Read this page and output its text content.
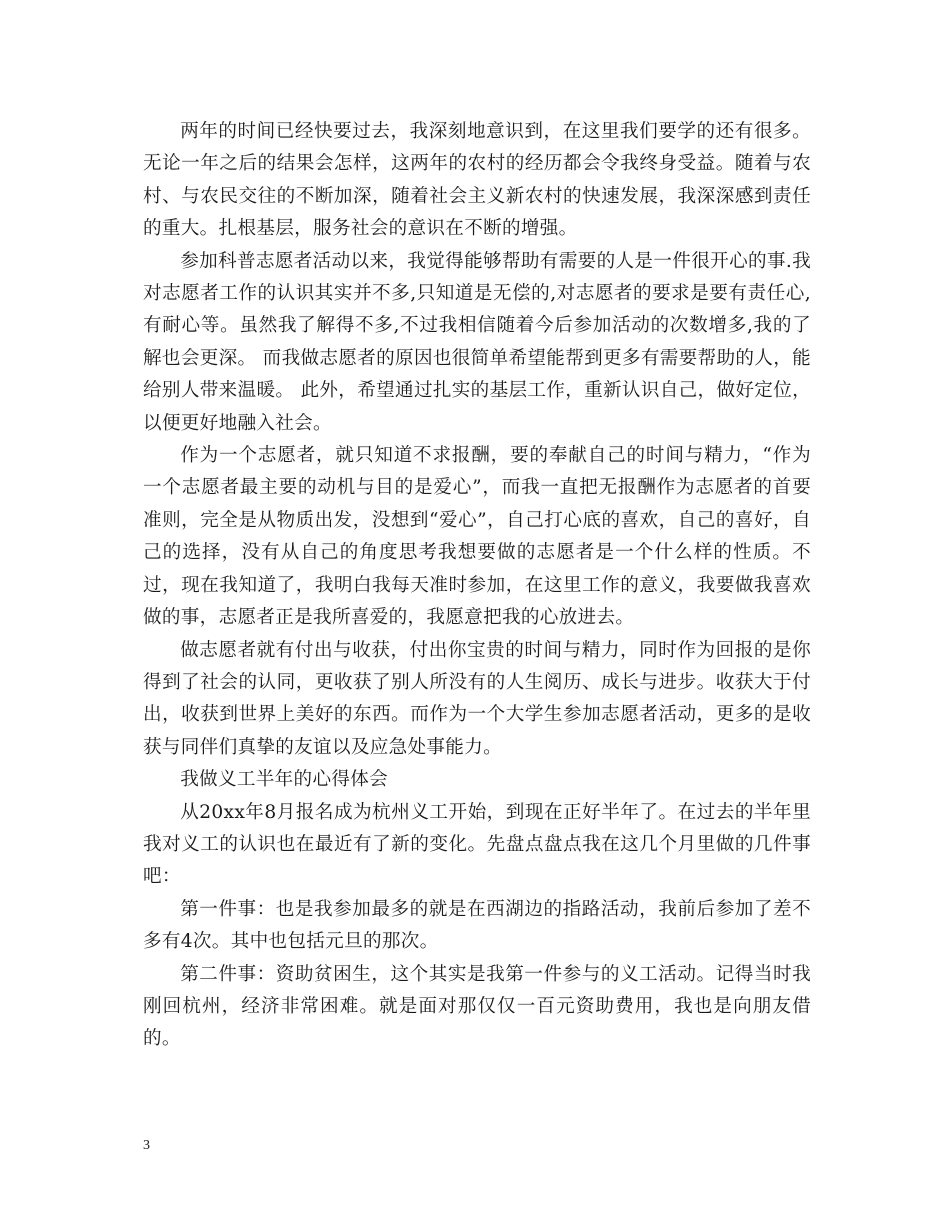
两年的时间已经快要过去，我深刻地意识到，在这里我们要学的还有很多。无论一年之后的结果会怎样，这两年的农村的经历都会令我终身受益。随着与农村、与农民交往的不断加深，随着社会主义新农村的快速发展，我深深感到责任的重大。扎根基层，服务社会的意识在不断的增强。

参加科普志愿者活动以来，我觉得能够帮助有需要的人是一件很开心的事.我对志愿者工作的认识其实并不多,只知道是无偿的,对志愿者的要求是要有责任心,有耐心等。虽然我了解得不多,不过我相信随着今后参加活动的次数增多,我的了解也会更深。 而我做志愿者的原因也很简单希望能帮到更多有需要帮助的人，能给别人带来温暖。 此外，希望通过扎实的基层工作，重新认识自己，做好定位，以便更好地融入社会。

作为一个志愿者，就只知道不求报酬，要的奉献自己的时间与精力，“作为一个志愿者最主要的动机与目的是爱心”，而我一直把无报酬作为志愿者的首要准则，完全是从物质出发，没想到“爱心”，自己打心底的喜欢，自己的喜好，自己的选择，没有从自己的角度思考我想要做的志愿者是一个什么样的性质。不过，现在我知道了，我明白我每天准时参加，在这里工作的意义，我要做我喜欢做的事，志愿者正是我所喜爱的，我愿意把我的心放进去。

做志愿者就有付出与收获，付出你宝贵的时间与精力，同时作为回报的是你得到了社会的认同，更收获了别人所没有的人生阅历、成长与进步。收获大于付出，收获到世界上美好的东西。而作为一个大学生参加志愿者活动，更多的是收获与同伴们真挚的友谊以及应急处事能力。

我做义工半年的心得体会

从20xx年8月报名成为杭州义工开始，到现在正好半年了。在过去的半年里我对义工的认识也在最近有了新的变化。先盘点盘点我在这几个月里做的几件事吧：

第一件事：也是我参加最多的就是在西湖边的指路活动，我前后参加了差不多有4次。其中也包括元旦的那次。

第二件事：资助贫困生，这个其实是我第一件参与的义工活动。记得当时我刚回杭州，经济非常困难。就是面对那仅仅一百元资助费用，我也是向朋友借的。

3
